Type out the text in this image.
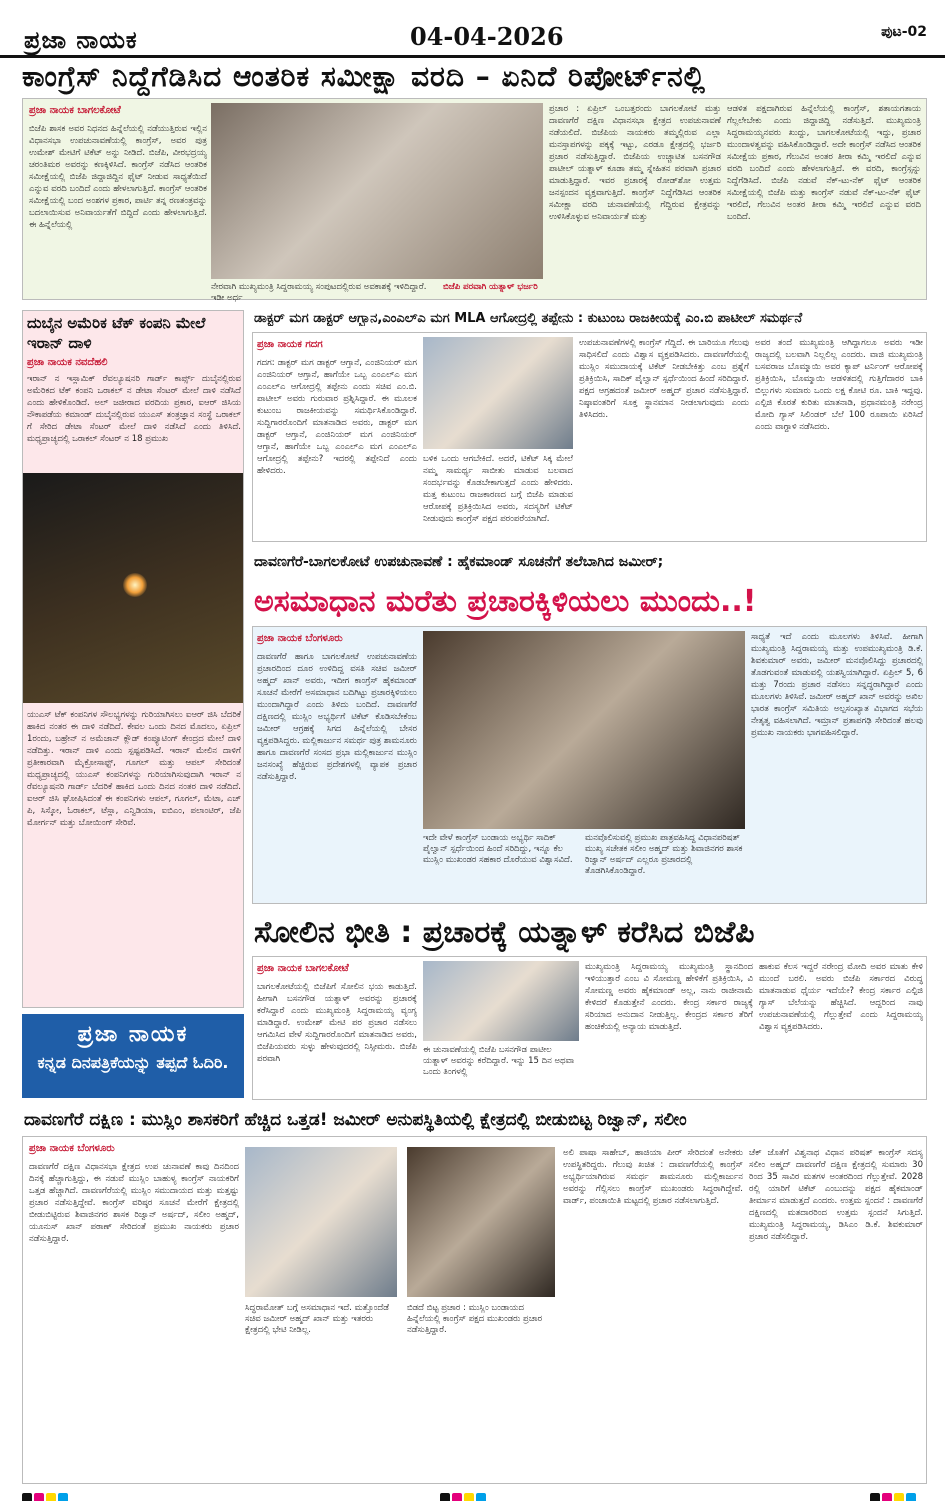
ಪ್ರಜಾ ನಾಯಕ	04-04-2026	ಪುಟ-02
ಕಾಂಗ್ರೆಸ್ ನಿದ್ದೆಗೆಡಿಸಿದ ಆಂತರಿಕ ಸಮೀಕ್ಷಾ ವರದಿ – ಏನಿದೆ ರಿಪೋರ್ಟ್‌ನಲ್ಲಿ
ಪ್ರಜಾ ನಾಯಕ ಬಾಗಲಕೋಟೆ
ಬಿಜೆಪಿ ಶಾಸಕ ಅವರ ನಿಧನದ ಹಿನ್ನೆಲೆಯಲ್ಲಿ ನಡೆಯುತ್ತಿರುವ ಇಲ್ಲಿನ ವಿಧಾನಸಭಾ ಉಪಚುನಾವಣೆಯಲ್ಲಿ ಕಾಂಗ್ರೆಸ್, ಅವರ ಪುತ್ರ ಉಮೇಶ್ ಮೇಟಿಗೆ ಟಿಕೆಟ್ ಅನ್ನು ನೀಡಿದೆ. ಬಿಜೆಪಿ, ವೀರಭದ್ರಯ್ಯ ಚರಂತಿಮಠ ಅವರನ್ನು ಕಣಕ್ಕಿಳಿಸಿದೆ. ಕಾಂಗ್ರೆಸ್ ನಡೆಸಿದ ಆಂತರಿಕ ಸಮೀಕ್ಷೆಯಲ್ಲಿ ಬಿಜೆಪಿ ಜಿದ್ದಾಜಿದ್ದಿನ ಫೈಟ್ ನೀಡುವ ಸಾಧ್ಯತೆಯಿದೆ ಎನ್ನುವ ವರದಿ ಬಂದಿದೆ ಎಂದು ಹೇಳಲಾಗುತ್ತಿದೆ. ಕಾಂಗ್ರೆಸ್ ಆಂತರಿಕ ಸಮೀಕ್ಷೆಯಲ್ಲಿ ಬಂದ ಅಂಶಗಳ ಪ್ರಕಾರ, ಪಾರ್ಟಿ ತನ್ನ ರಣತಂತ್ರವನ್ನು ಬದಲಾಯಿಸುವ ಅನಿವಾರ್ಯತೆಗೆ ಬಿದ್ದಿದೆ ಎಂದು ಹೇಳಲಾಗುತ್ತಿದೆ. ಈ ಹಿನ್ನೆಲೆಯಲ್ಲಿ
ನೇರವಾಗಿ ಮುಖ್ಯಮಂತ್ರಿ ಸಿದ್ದರಾಮಯ್ಯ ಸಂಪುಟದಲ್ಲಿರುವ ಅವಕಾಶಕ್ಕೆ ಇಳಿದಿದ್ದಾರೆ. ಇಡೀ ಅರ್ಧ
ಬಿಜೆಪಿ ಪರವಾಗಿ ಯತ್ನಾಳ್ ಭರ್ಜರಿ
ಪ್ರಚಾರ : ಏಪ್ರಿಲ್ ಒಂಬತ್ತರಂದು ಬಾಗಲಕೋಟೆ ಮತ್ತು ದಾವಣಗೆರೆ ದಕ್ಷಿಣ ವಿಧಾನಸಭಾ ಕ್ಷೇತ್ರದ ಉಪಚುನಾವಣೆ ನಡೆಯಲಿದೆ. ಬಿಜೆಪಿಯ ನಾಯಕರು ತಮ್ಮಲ್ಲಿರುವ ಎಲ್ಲಾ ಮನಸ್ತಾಪಗಳನ್ನು ಪಕ್ಕಕ್ಕೆ ಇಟ್ಟು, ಎರಡೂ ಕ್ಷೇತ್ರದಲ್ಲಿ ಭರ್ಜರಿ ಪ್ರಚಾರ ನಡೆಸುತ್ತಿದ್ದಾರೆ. ಬಿಜೆಪಿಯ ಉಚ್ಚಾಟಿತ ಬಸನಗೌಡ ಪಾಟೀಲ್ ಯತ್ನಾಳ್ ಕೂಡಾ ತಮ್ಮ ಸ್ನೇಹಿತನ ಪರವಾಗಿ ಪ್ರಚಾರ ಮಾಡುತ್ತಿದ್ದಾರೆ. ಇವರ ಪ್ರಚಾರಕ್ಕೆ ರೋಡ್‌ಶೋ ಉತ್ತಮ ಜನಸ್ಪಂದನ ವ್ಯಕ್ತವಾಗುತ್ತಿದೆ. ಕಾಂಗ್ರೆಸ್ ನಿದ್ದೆಗೆಡಿಸಿದ ಆಂತರಿಕ ಸಮೀಕ್ಷಾ ವರದಿ ಚುನಾವಣೆಯಲ್ಲಿ ಗೆದ್ದಿರುವ ಕ್ಷೇತ್ರವನ್ನು ಉಳಿಸಿಕೊಳ್ಳುವ ಅನಿವಾರ್ಯತೆ ಮತ್ತು
ಆಡಳಿತ ಪಕ್ಷದಾಗಿರುವ ಹಿನ್ನೆಲೆಯಲ್ಲಿ ಕಾಂಗ್ರೆಸ್, ಶತಾಯಗತಾಯ ಗೆಲ್ಲಲೇಬೇಕು ಎಂದು ಜಿದ್ದಾಜಿದ್ದಿ ನಡೆಸುತ್ತಿದೆ. ಮುಖ್ಯಮಂತ್ರಿ ಸಿದ್ದರಾಮಯ್ಯನವರು ಖುದ್ದು, ಬಾಗಲಕೋಟೆಯಲ್ಲಿ ಇದ್ದು, ಪ್ರಚಾರ ಮುಂದಾಳತ್ವವನ್ನು ವಹಿಸಿಕೊಂಡಿದ್ದಾರೆ. ಅದೇ ಕಾಂಗ್ರೆಸ್ ನಡೆಸಿದ ಆಂತರಿಕ ಸಮೀಕ್ಷೆಯ ಪ್ರಕಾರ, ಗೆಲುವಿನ ಅಂತರ ತೀರಾ ಕಮ್ಮಿ ಇರಲಿದೆ ಎನ್ನುವ ವರದಿ ಬಂದಿದೆ ಎಂದು ಹೇಳಲಾಗುತ್ತಿದೆ. ಈ ವರದಿ, ಕಾಂಗ್ರೆಸ್ಸನ್ನು ನಿದ್ದೆಗೆಡಿಸಿದೆ. ಬಿಜೆಪಿ ನಡುವೆ ನೆಕ್-ಟು-ನೆಕ್ ಫೈಟ್ ಆಂತರಿಕ ಸಮೀಕ್ಷೆಯಲ್ಲಿ ಬಿಜೆಪಿ ಮತ್ತು ಕಾಂಗ್ರೆಸ್ ನಡುವೆ ನೆಕ್-ಟು-ನೆಕ್ ಫೈಟ್ ಇರಲಿದೆ, ಗೆಲುವಿನ ಅಂತರ ತೀರಾ ಕಮ್ಮಿ ಇರಲಿದೆ ಎನ್ನುವ ವರದಿ ಬಂದಿದೆ.
ದುಬೈನ ಅಮೆರಿಕ ಟೆಕ್ ಕಂಪನಿ ಮೇಲೆ ಇರಾನ್ ದಾಳಿ
ಪ್ರಜಾ ನಾಯಕ ನವದೆಹಲಿ
ಇರಾನ್ ನ ಇಸ್ಲಾಮಿಕ್ ರೆವಲ್ಯೂಷನರಿ ಗಾರ್ಡ್ ಕಾರ್ಪ್ಸ್ ದುಬೈನಲ್ಲಿರುವ ಅಮೆರಿಕದ ಟೆಕ್ ಕಂಪನಿ ಒರಾಕಲ್ ನ ಡೇಟಾ ಸೆಂಟರ್ ಮೇಲೆ ದಾಳಿ ನಡೆಸಿದೆ ಎಂದು ಹೇಳಿಕೊಂಡಿದೆ. ಅಲ್ ಜಜೀರಾದ ವರದಿಯ ಪ್ರಕಾರ, ಐಆರ್ ಜಿಸಿಯ ನೌಕಾಪಡೆಯ ಕಮಾಂಡ್ ದುಬೈನಲ್ಲಿರುವ ಯುಎಸ್ ತಂತ್ರಜ್ಞಾನ ಸಂಸ್ಥೆ ಒರಾಕಲ್ ಗೆ ಸೇರಿದ ಡೇಟಾ ಸೆಂಟರ್ ಮೇಲೆ ದಾಳಿ ನಡೆಸಿದೆ ಎಂದು ತಿಳಿಸಿದೆ. ಮಧ್ಯಪ್ರಾಚ್ಯದಲ್ಲಿ ಒರಾಕಲ್ ಸೆಂಟರ್ ನ 18 ಪ್ರಮುಖ
ಯುಎಸ್ ಟೆಕ್ ಕಂಪನಿಗಳ ಸೌಲಭ್ಯಗಳನ್ನು ಗುರಿಯಾಗಿಸಲು ಐಆರ್ ಜಿಸಿ ಬೆದರಿಕೆ ಹಾಕಿದ ನಂತರ ಈ ದಾಳಿ ನಡೆದಿದೆ. ಕೇವಲ ಒಂದು ದಿನದ ಮೊದಲು, ಏಪ್ರಿಲ್ 1ರಂದು, ಬಹ್ರೇನ್ ನ ಅಮೆಜಾನ್ ಕ್ಲೌಡ್ ಕಂಪ್ಯೂಟಿಂಗ್ ಕೇಂದ್ರದ ಮೇಲೆ ದಾಳಿ ನಡೆದಿತ್ತು. ಇರಾನ್ ದಾಳಿ ಎಂದು ಸ್ಪಷ್ಟಪಡಿಸಿದೆ. ಇರಾನ್ ಮೇಲಿನ ದಾಳಿಗೆ ಪ್ರತೀಕಾರವಾಗಿ ಮೈಕ್ರೋಸಾಫ್ಟ್, ಗೂಗಲ್ ಮತ್ತು ಆಪಲ್ ಸೇರಿದಂತೆ ಮಧ್ಯಪ್ರಾಚ್ಯದಲ್ಲಿ ಯುಎಸ್ ಕಂಪನಿಗಳನ್ನು ಗುರಿಯಾಗಿಸುವುದಾಗಿ ಇರಾನ್ ನ ರೆವಲ್ಯೂಷನರಿ ಗಾರ್ಡ್ ಬೆದರಿಕೆ ಹಾಕಿದ ಒಂದು ದಿನದ ನಂತರ ದಾಳಿ ನಡೆದಿದೆ. ಐಆರ್ ಜಿಸಿ ಘೋಷಿಸಿದಂತೆ ಈ ಕಂಪನಿಗಳು ಆಪಲ್, ಗೂಗಲ್, ಮೆಟಾ, ಎಚ್ ಪಿ, ಸಿಸ್ಕೋ, ಓರಾಕಲ್, ಟೆಸ್ಲಾ, ಎನ್ವಿಡಿಯಾ, ಐಬಿಎಂ, ಪಲಾಂಟಿರ್, ಜೆಪಿ ಮೋರ್ಗನ್ ಮತ್ತು ಬೋಯಿಂಗ್ ಸೇರಿವೆ.
ಪ್ರಜಾ ನಾಯಕ
ಕನ್ನಡ ದಿನಪತ್ರಿಕೆಯನ್ನು ತಪ್ಪದೆ ಓದಿರಿ.
ಡಾಕ್ಟರ್ ಮಗ ಡಾಕ್ಟರ್ ಆಗ್ಬಾನ,ಎಂಎಲ್ಎ ಮಗ MLA ಆಗೋದ್ರಲ್ಲಿ ತಪ್ಪೇನು : ಕುಟುಂಬ ರಾಜಕೀಯಕ್ಕೆ ಎಂ.ಬಿ ಪಾಟೀಲ್ ಸಮರ್ಥನೆ
ಪ್ರಜಾ ನಾಯಕ ಗದಗ
ಗದಗ: ಡಾಕ್ಟರ್ ಮಗ ಡಾಕ್ಟರ್ ಆಗ್ತಾನೆ, ಎಂಜಿನಿಯರ್ ಮಗ ಎಂಜಿನಿಯರ್ ಆಗ್ತಾನೆ, ಹಾಗೆಯೇ ಒಬ್ಬ ಎಂಎಲ್ಎ ಮಗ ಎಂಎಲ್ಎ ಆಗೋದ್ರಲ್ಲಿ ತಪ್ಪೇನು ಎಂದು ಸಚಿವ ಎಂ.ಬಿ. ಪಾಟೀಲ್ ಅವರು ಗುರುವಾರ ಪ್ರಶ್ನಿಸಿದ್ದಾರೆ. ಈ ಮೂಲಕ ಕುಟುಂಬ ರಾಜಕೀಯವನ್ನು ಸಮರ್ಥಿಸಿಕೊಂಡಿದ್ದಾರೆ. ಸುದ್ದಿಗಾರರೊಂದಿಗೆ ಮಾತನಾಡಿದ ಅವರು, ಡಾಕ್ಟರ್ ಮಗ ಡಾಕ್ಟರ್ ಆಗ್ತಾನೆ, ಎಂಜಿನಿಯರ್ ಮಗ ಎಂಜಿನಿಯರ್ ಆಗ್ತಾನೆ, ಹಾಗೆಯೇ ಒಬ್ಬ ಎಂಎಲ್ಎ ಮಗ ಎಂಎಲ್ಎ ಆಗೋದ್ರಲ್ಲಿ ತಪ್ಪೇನು? ಇದರಲ್ಲಿ ತಪ್ಪೇನಿದೆ ಎಂದು ಹೇಳಿದರು.
ಬಳಿಕ ಒಂದು ಆಗಬೇಕಿದೆ. ಅದರೆ, ಟಿಕೆಟ್ ಸಿಕ್ಕ ಮೇಲೆ ನಮ್ಮ ಸಾಮರ್ಥ್ಯ ಸಾಬೀತು ಮಾಡುವ ಬಲವಾದ ಸಂದರ್ಭವನ್ನು ಕೊಡಬೇಕಾಗುತ್ತದೆ ಎಂದು ಹೇಳಿದರು. ಮತ್ತ ಕುಟುಂಬ ರಾಜಕಾರಣದ ಬಗ್ಗೆ ಬಿಜೆಪಿ ಮಾಡುವ ಆರೋಪಕ್ಕೆ ಪ್ರತಿಕ್ರಿಯಿಸಿದ ಅವರು, ಸದಸ್ಯರಿಗೆ ಟಿಕೆಟ್ ನೀಡುವುದು ಕಾಂಗ್ರೆಸ್ ಪಕ್ಷದ ಪರಂಪರೆಯಾಗಿದೆ.
ಉಪಚುನಾವಣೆಗಳಲ್ಲಿ ಕಾಂಗ್ರೆಸ್ ಗೆದ್ದಿದೆ. ಈ ಬಾರಿಯೂ ಗೆಲುವು ಸಾಧಿಸಲಿದೆ ಎಂದು ವಿಶ್ವಾಸ ವ್ಯಕ್ತಪಡಿಸಿದರು. ದಾವಣಗೆರೆಯಲ್ಲಿ ಮುಸ್ಲಿಂ ಸಮುದಾಯಕ್ಕೆ ಟಿಕೆಟ್ ನೀಡಬೇಕಿತ್ತು ಎಂಬ ಪ್ರಶ್ನೆಗೆ ಪ್ರತಿಕ್ರಿಯಿಸಿ, ಸಾದಿಕ್ ಪೈಲ್ವಾನ್ ಸ್ಪರ್ಧೆಯಿಂದ ಹಿಂದೆ ಸರಿದಿದ್ದಾರೆ. ಪಕ್ಷದ ಆಗ್ರಹದಂತೆ ಜಮೀರ್ ಅಹ್ಮದ್ ಪ್ರಚಾರ ನಡೆಸುತ್ತಿದ್ದಾರೆ. ನಿಷ್ಠಾವಂತರಿಗೆ ಸೂಕ್ತ ಸ್ಥಾನಮಾನ ನೀಡಲಾಗುವುದು ಎಂದು ತಿಳಿಸಿದರು.
ಅವರ ತಂದೆ ಮುಖ್ಯಮಂತ್ರಿ ಆಗಿದ್ದಾಗಲೂ ಅವರು ಇಡೀ ರಾಜ್ಯದಲ್ಲಿ ಬಲವಾಗಿ ನಿಲ್ಲಲಿಲ್ಲ ಎಂದರು. ವಾಜಿ ಮುಖ್ಯಮಂತ್ರಿ ಬಸವರಾಜ ಬೊಮ್ಮಾಯಿ ಅವರ ಕ್ಯಾಪ್ ಟರ್ನಿಂಗ್ ಆರೋಪಕ್ಕೆ ಪ್ರತಿಕ್ರಿಯಿಸಿ, ಬೊಮ್ಮಾಯಿ ಆಡಳಿತದಲ್ಲಿ ಗುತ್ತಿಗೆದಾರರ ಬಾಕಿ ಬಿಲ್ಲುಗಳು ಸುಮಾರು ಒಂದು ಲಕ್ಷ ಕೋಟಿ ರೂ. ಬಾಕಿ ಇದ್ದವು. ಎಲ್ಪಿಜಿ ಕೊರತೆ ಕುರಿತು ಮಾತನಾಡಿ, ಪ್ರಧಾನಮಂತ್ರಿ ನರೇಂದ್ರ ಮೋದಿ ಗ್ಯಾಸ್ ಸಿಲಿಂಡರ್ ಬೆಲೆ 100 ರೂಪಾಯಿ ಏರಿಸಿದೆ ಎಂದು ವಾಗ್ದಾಳಿ ನಡೆಸಿದರು.
ದಾವಣಗೆರೆ-ಬಾಗಲಕೋಟೆ ಉಪಚುನಾವಣೆ : ಹೈಕಮಾಂಡ್ ಸೂಚನೆಗೆ ತಲೆಬಾಗಿದ ಜಮೀರ್;
ಅಸಮಾಧಾನ ಮರೆತು ಪ್ರಚಾರಕ್ಕಿಳಿಯಲು ಮುಂದು..!
ಪ್ರಜಾ ನಾಯಕ ಬೆಂಗಳೂರು
ದಾವಣಗೆರೆ ಹಾಗೂ ಬಾಗಲಕೋಟೆ ಉಪಚುನಾವಣೆಯ ಪ್ರಚಾರದಿಂದ ದೂರ ಉಳಿದಿದ್ದ ವಸತಿ ಸಚಿವ ಜಮೀರ್ ಅಹ್ಮದ್ ಖಾನ್ ಅವರು, ಇದೀಗ ಕಾಂಗ್ರೆಸ್ ಹೈಕಮಾಂಡ್ ಸೂಚನೆ ಮೇರೆಗೆ ಅಸಮಾಧಾನ ಬದಿಗಿಟ್ಟು ಪ್ರಚಾರಕ್ಕಿಳಿಯಲು ಮುಂದಾಗಿದ್ದಾರೆ ಎಂದು ತಿಳಿದು ಬಂದಿದೆ. ದಾವಣಗೆರೆ ದಕ್ಷಿಣದಲ್ಲಿ ಮುಸ್ಲಿಂ ಅಭ್ಯರ್ಥಿಗೆ ಟಿಕೆಟ್ ಕೊಡಿಸಬೇಕೆಂಬ ಜಮೀರ್ ಆಗ್ರಹಕ್ಕೆ ಸಿಗದ ಹಿನ್ನೆಲೆಯಲ್ಲಿ ಬೇಸರ ವ್ಯಕ್ತಪಡಿಸಿದ್ದರು. ಮಲ್ಲಿಕಾರ್ಜುನ ಸಮರ್ಥ ಪುತ್ರ ಶಾಮನೂರು ಹಾಗೂ ದಾವಣಗೆರೆ ಸಂಸದ ಪ್ರಭಾ ಮಲ್ಲಿಕಾರ್ಜುನ ಮುಸ್ಲಿಂ ಜನಸಂಖ್ಯೆ ಹೆಚ್ಚಿರುವ ಪ್ರದೇಶಗಳಲ್ಲಿ ವ್ಯಾಪಕ ಪ್ರಚಾರ ನಡೆಸುತ್ತಿದ್ದಾರೆ.
ಇದೇ ವೇಳೆ ಕಾಂಗ್ರೆಸ್ ಬಂಡಾಯ ಅಭ್ಯರ್ಥಿ ಸಾದಿಕ್ ಪೈಲ್ವಾನ್ ಸ್ಪರ್ಧೆಯಿಂದ ಹಿಂದೆ ಸರಿದಿದ್ದು, ಇನ್ನೂ ಕೆಲ ಮುಸ್ಲಿಂ ಮುಖಂಡರ ಸಹಕಾರ ದೊರೆಯುವ ವಿಶ್ವಾಸವಿದೆ.
ಮನವೊಲಿಸುವಲ್ಲಿ ಪ್ರಮುಖ ಪಾತ್ರವಹಿಸಿದ್ದ ವಿಧಾನಪರಿಷತ್ ಮುಖ್ಯ ಸಚೇತಕ ಸಲೀಂ ಅಹ್ಮದ್ ಮತ್ತು ಶಿವಾಜಿನಗರ ಶಾಸಕ ರಿಜ್ವಾನ್ ಅರ್ಷದ್ ಎಲ್ಲರೂ ಪ್ರಚಾರದಲ್ಲಿ ತೊಡಗಿಸಿಕೊಂಡಿದ್ದಾರೆ.
ಸಾಧ್ಯತೆ ಇದೆ ಎಂದು ಮೂಲಗಳು ತಿಳಿಸಿವೆ. ಹೀಗಾಗಿ ಮುಖ್ಯಮಂತ್ರಿ ಸಿದ್ದರಾಮಯ್ಯ ಮತ್ತು ಉಪಮುಖ್ಯಮಂತ್ರಿ ಡಿ.ಕೆ. ಶಿವಕುಮಾರ್ ಅವರು, ಜಮೀರ್ ಮನವೊಲಿಸಿದ್ದು ಪ್ರಚಾರದಲ್ಲಿ ತೊಡಗುವಂತೆ ಮಾಡುವಲ್ಲಿ ಯಶಸ್ವಿಯಾಗಿದ್ದಾರೆ. ಏಪ್ರಿಲ್ 5, 6 ಮತ್ತು 7ರಂದು ಪ್ರಚಾರ ನಡೆಸಲು ಸನ್ನದ್ಧರಾಗಿದ್ದಾರೆ ಎಂದು ಮೂಲಗಳು ತಿಳಿಸಿವೆ. ಜಮೀರ್ ಅಹ್ಮದ್ ಖಾನ್ ಅವರನ್ನು ಅಖಿಲ ಭಾರತ ಕಾಂಗ್ರೆಸ್ ಸಮಿತಿಯ ಅಲ್ಪಸಂಖ್ಯಾತ ವಿಭಾಗದ ಸಭೆಯ ನೇತೃತ್ವ ವಹಿಸಲಾಗಿದೆ. ಇಮ್ರಾನ್ ಪ್ರತಾಪಗಢಿ ಸೇರಿದಂತೆ ಹಲವು ಪ್ರಮುಖ ನಾಯಕರು ಭಾಗವಹಿಸಲಿದ್ದಾರೆ.
ಸೋಲಿನ ಭೀತಿ : ಪ್ರಚಾರಕ್ಕೆ ಯತ್ನಾಳ್ ಕರೆಸಿದ ಬಿಜೆಪಿ
ಪ್ರಜಾ ನಾಯಕ ಬಾಗಲಕೋಟೆ
ಬಾಗಲಕೋಟೆಯಲ್ಲಿ ಬಿಜೆಪಿಗೆ ಸೋಲಿನ ಭಯ ಕಾಡುತ್ತಿದೆ. ಹೀಗಾಗಿ ಬಸನಗೌಡ ಯತ್ನಾಳ್ ಅವರನ್ನು ಪ್ರಚಾರಕ್ಕೆ ಕರೆಸಿದ್ದಾರೆ ಎಂದು ಮುಖ್ಯಮಂತ್ರಿ ಸಿದ್ದರಾಮಯ್ಯ ವ್ಯಂಗ್ಯ ಮಾಡಿದ್ದಾರೆ. ಉಮೇಶ್ ಮೇಟಿ ಪರ ಪ್ರಚಾರ ನಡೆಸಲು ಆಗಮಿಸಿದ ವೇಳೆ ಸುದ್ದಿಗಾರರೊಂದಿಗೆ ಮಾತನಾಡಿದ ಅವರು, ಬಿಜೆಪಿಯವರು ಸುಳ್ಳು ಹೇಳುವುದರಲ್ಲಿ ನಿಸ್ಸೀಮರು. ಬಿಜೆಪಿ ಪರವಾಗಿ
ಈ ಚುನಾವಣೆಯಲ್ಲಿ ಬಿಜೆಪಿ ಬಸನಗೌಡ ಪಾಟೀಲ ಯತ್ನಾಳ್ ಅವರನ್ನು ಕರೆದಿದ್ದಾರೆ. ಇನ್ನು 15 ದಿನ ಅಥವಾ ಒಂದು ತಿಂಗಳಲ್ಲಿ
ಮುಖ್ಯಮಂತ್ರಿ ಸಿದ್ದರಾಮಯ್ಯ ಮುಖ್ಯಮಂತ್ರಿ ಸ್ಥಾನದಿಂದ ಇಳಿಯುತ್ತಾರೆ ಎಂಬ ವಿ ಸೋಮಣ್ಣ ಹೇಳಿಕೆಗೆ ಪ್ರತಿಕ್ರಿಯಿಸಿ, ವಿ ಸೋಮಣ್ಣ ಅವರು ಹೈಕಮಾಂಡ್ ಅಲ್ಲ, ನಾನು ರಾಜೀನಾಮೆ ಕೇಳಿದರೆ ಕೊಡುತ್ತೇನೆ ಎಂದರು. ಕೇಂದ್ರ ಸರ್ಕಾರ ರಾಜ್ಯಕ್ಕೆ ಸರಿಯಾದ ಅನುದಾನ ನೀಡುತ್ತಿಲ್ಲ. ಕೇಂದ್ರದ ಸರ್ಕಾರ ತೆರಿಗೆ ಹಂಚಿಕೆಯಲ್ಲಿ ಅನ್ಯಾಯ ಮಾಡುತ್ತಿದೆ.
ಹಾಕುವ ಕೆಲಸ ಇದ್ದರೆ ನರೇಂದ್ರ ಮೋದಿ ಅವರ ಮಾತು ಕೇಳಿ ಮುಂದೆ ಬರಲಿ. ಅವರು ಬಿಜೆಪಿ ಸರ್ಕಾರದ ವಿರುದ್ಧ ಮಾತನಾಡುವ ಧೈರ್ಯ ಇದೆಯೇ? ಕೇಂದ್ರ ಸರ್ಕಾರ ಎಲ್ಪಿಜಿ ಗ್ಯಾಸ್ ಬೆಲೆಯನ್ನು ಹೆಚ್ಚಿಸಿದೆ. ಆದ್ದರಿಂದ ನಾವು ಉಪಚುನಾವಣೆಯಲ್ಲಿ ಗೆಲ್ಲುತ್ತೇವೆ ಎಂದು ಸಿದ್ದರಾಮಯ್ಯ ವಿಶ್ವಾಸ ವ್ಯಕ್ತಪಡಿಸಿದರು.
ದಾವಣಗೆರೆ ದಕ್ಷಿಣ : ಮುಸ್ಲಿಂ ಶಾಸಕರಿಗೆ ಹೆಚ್ಚಿದ ಒತ್ತಡ! ಜಮೀರ್ ಅನುಪಸ್ಥಿತಿಯಲ್ಲಿ ಕ್ಷೇತ್ರದಲ್ಲಿ ಬೀಡುಬಿಟ್ಟ ರಿಜ್ವಾನ್, ಸಲೀಂ
ಪ್ರಜಾ ನಾಯಕ ಬೆಂಗಳೂರು
ದಾವಣಗೆರೆ ದಕ್ಷಿಣ ವಿಧಾನಸಭಾ ಕ್ಷೇತ್ರದ ಉಪ ಚುನಾವಣೆ ಕಾವು ದಿನದಿಂದ ದಿನಕ್ಕೆ ಹೆಚ್ಚಾಗುತ್ತಿದ್ದು, ಈ ನಡುವೆ ಮುಸ್ಲಿಂ ಬಾಹುಳ್ಯ ಕಾಂಗ್ರೆಸ್ ನಾಯಕರಿಗೆ ಒತ್ತಡ ಹೆಚ್ಚಾಗಿದೆ. ದಾವಣಗೆರೆಯಲ್ಲಿ ಮುಸ್ಲಿಂ ಸಮುದಾಯದ ಮತ್ತು ಮತ್ತಷ್ಟು ಪ್ರಚಾರ ನಡೆಸುತ್ತಿದ್ದೇವೆ. ಕಾಂಗ್ರೆಸ್ ವರಿಷ್ಠರ ಸೂಚನೆ ಮೇರೆಗೆ ಕ್ಷೇತ್ರದಲ್ಲಿ ಬೀಡುಬಿಟ್ಟಿರುವ ಶಿವಾಜಿನಗರ ಶಾಸಕ ರಿಜ್ವಾನ್ ಅರ್ಷದ್, ಸಲೀಂ ಅಹ್ಮದ್, ಯೂನುಸ್ ಖಾನ್ ಪಠಾಣ್ ಸೇರಿದಂತೆ ಪ್ರಮುಖ ನಾಯಕರು ಪ್ರಚಾರ ನಡೆಸುತ್ತಿದ್ದಾರೆ.
ಸಿದ್ಧರಾಮೋತ್ ಬಗ್ಗೆ ಅಸಮಾಧಾನ ಇದೆ. ಮತ್ತೊಂದೆಡೆ ಸಚಿವ ಜಮೀರ್ ಅಹ್ಮದ್ ಖಾನ್ ಮತ್ತು ಇತರರು ಕ್ಷೇತ್ರದಲ್ಲಿ ಭೇಟಿ ನೀಡಿಲ್ಲ.
ಬಿಡದೆ ಬಿಟ್ಟ ಪ್ರಚಾರ : ಮುಸ್ಲಿಂ ಬಂಡಾಯದ ಹಿನ್ನೆಲೆಯಲ್ಲಿ ಕಾಂಗ್ರೆಸ್ ಪಕ್ಷದ ಮುಖಂಡರು ಪ್ರಚಾರ ನಡೆಸುತ್ತಿದ್ದಾರೆ.
ಅಲಿ ಪಾಷಾ ಸಾಹೇಬ್, ಹಾಜಿಯಾ ಪೀರ್ ಸೇರಿದಂತೆ ಅನೇಕರು ಉಪಸ್ಥಿತರಿದ್ದರು. ಗೆಲುವು ಖಚಿತ : ದಾವಣಗೆರೆಯಲ್ಲಿ ಕಾಂಗ್ರೆಸ್ ಅಭ್ಯರ್ಥಿಯಾಗಿರುವ ಸಮರ್ಥ ಶಾಮನೂರು ಮಲ್ಲಿಕಾರ್ಜುನ ಅವರನ್ನು ಗೆಲ್ಲಿಸಲು ಕಾಂಗ್ರೆಸ್ ಮುಖಂಡರು ಸಿದ್ಧರಾಗಿದ್ದೇವೆ. ವಾರ್ಡ್, ಪಂಚಾಯಿತಿ ಮಟ್ಟದಲ್ಲಿ ಪ್ರಚಾರ ನಡೆಸಲಾಗುತ್ತಿದೆ.
ಚೆಕ್ ಜೊತೆಗೆ ವಿಶ್ವನಾಥ ವಿಧಾನ ಪರಿಷತ್ ಕಾಂಗ್ರೆಸ್ ಸದಸ್ಯ ಸಲೀಂ ಅಹ್ಮದ್ ದಾವಣಗೆರೆ ದಕ್ಷಿಣ ಕ್ಷೇತ್ರದಲ್ಲಿ ಸುಮಾರು 30 ರಿಂದ 35 ಸಾವಿರ ಮತಗಳ ಅಂತರದಿಂದ ಗೆಲ್ಲುತ್ತೇವೆ. 2028 ರಲ್ಲಿ ಯಾರಿಗೆ ಟಿಕೆಟ್ ಎಂಬುದನ್ನು ಪಕ್ಷದ ಹೈಕಮಾಂಡ್ ತೀರ್ಮಾನ ಮಾಡುತ್ತದೆ ಎಂದರು. ಉತ್ತಮ ಸ್ಪಂದನೆ : ದಾವಣಗೆರೆ ದಕ್ಷಿಣದಲ್ಲಿ ಮತದಾರರಿಂದ ಉತ್ತಮ ಸ್ಪಂದನೆ ಸಿಗುತ್ತಿದೆ. ಮುಖ್ಯಮಂತ್ರಿ ಸಿದ್ದರಾಮಯ್ಯ, ಡಿಸಿಎಂ ಡಿ.ಕೆ. ಶಿವಕುಮಾರ್ ಪ್ರಚಾರ ನಡೆಸಲಿದ್ದಾರೆ.
